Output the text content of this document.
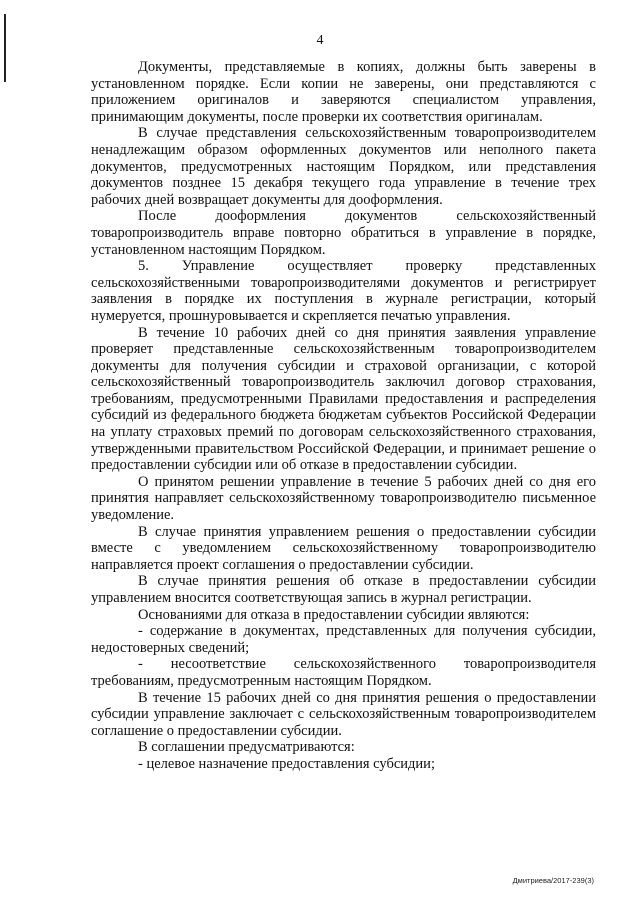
4

Документы, представляемые в копиях, должны быть заверены в установленном порядке. Если копии не заверены, они представляются с приложением оригиналов и заверяются специалистом управления, принимающим документы, после проверки их соответствия оригиналам.

В случае представления сельскохозяйственным товаропроизводителем ненадлежащим образом оформленных документов или неполного пакета документов, предусмотренных настоящим Порядком, или представления документов позднее 15 декабря текущего года управление в течение трех рабочих дней возвращает документы для дооформления.

После дооформления документов сельскохозяйственный товаропроизводитель вправе повторно обратиться в управление в порядке, установленном настоящим Порядком.

5. Управление осуществляет проверку представленных сельскохозяйственными товаропроизводителями документов и регистрирует заявления в порядке их поступления в журнале регистрации, который нумеруется, прошнуровывается и скрепляется печатью управления.

В течение 10 рабочих дней со дня принятия заявления управление проверяет представленные сельскохозяйственным товаропроизводителем документы для получения субсидии и страховой организации, с которой сельскохозяйственный товаропроизводитель заключил договор страхования, требованиям, предусмотренными Правилами предоставления и распределения субсидий из федерального бюджета бюджетам субъектов Российской Федерации на уплату страховых премий по договорам сельскохозяйственного страхования, утвержденными правительством Российской Федерации, и принимает решение о предоставлении субсидии или об отказе в предоставлении субсидии.

О принятом решении управление в течение 5 рабочих дней со дня его принятия направляет сельскохозяйственному товаропроизводителю письменное уведомление.

В случае принятия управлением решения о предоставлении субсидии вместе с уведомлением сельскохозяйственному товаропроизводителю направляется проект соглашения о предоставлении субсидии.

В случае принятия решения об отказе в предоставлении субсидии управлением вносится соответствующая запись в журнал регистрации.

Основаниями для отказа в предоставлении субсидии являются:

- содержание в документах, представленных для получения субсидии, недостоверных сведений;

- несоответствие сельскохозяйственного товаропроизводителя требованиям, предусмотренным настоящим Порядком.

В течение 15 рабочих дней со дня принятия решения о предоставлении субсидии управление заключает с сельскохозяйственным товаропроизводителем соглашение о предоставлении субсидии.

В соглашении предусматриваются:

- целевое назначение предоставления субсидии;

Дмитриева/2017-239(3)
